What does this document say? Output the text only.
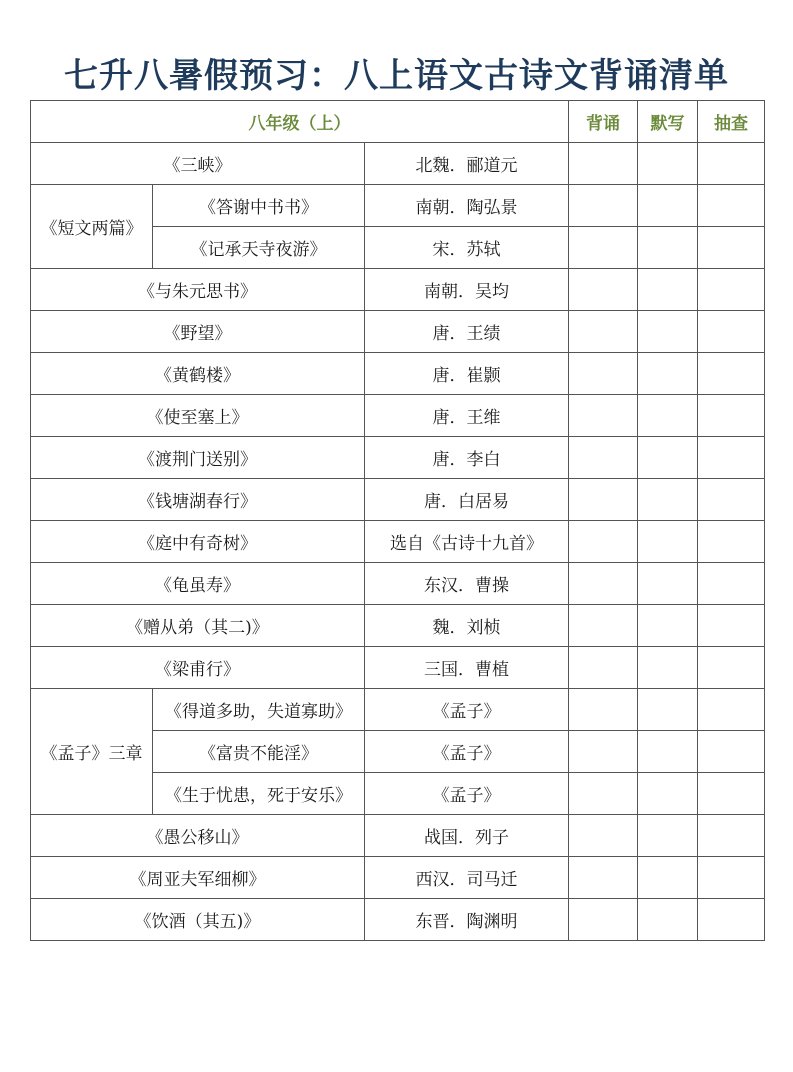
七升八暑假预习：八上语文古诗文背诵清单
八年级（上）			背诵	默写	抽查
《三峡》		北魏．郦道元			
《短文两篇》	《答谢中书书》	南朝．陶弘景			
	《记承天寺夜游》	宋．苏轼			
《与朱元思书》		南朝．吴均			
《野望》		唐．王绩			
《黄鹤楼》		唐．崔颢			
《使至塞上》		唐．王维			
《渡荆门送别》		唐．李白			
《钱塘湖春行》		唐．白居易			
《庭中有奇树》		选自《古诗十九首》			
《龟虽寿》		东汉．曹操			
《赠从弟（其二)》		魏．刘桢			
《梁甫行》		三国．曹植			
《孟子》三章	《得道多助，失道寡助》	《孟子》			
	《富贵不能淫》	《孟子》			
	《生于忧患，死于安乐》	《孟子》			
《愚公移山》		战国．列子			
《周亚夫军细柳》		西汉．司马迁			
《饮酒（其五)》		东晋．陶渊明			
